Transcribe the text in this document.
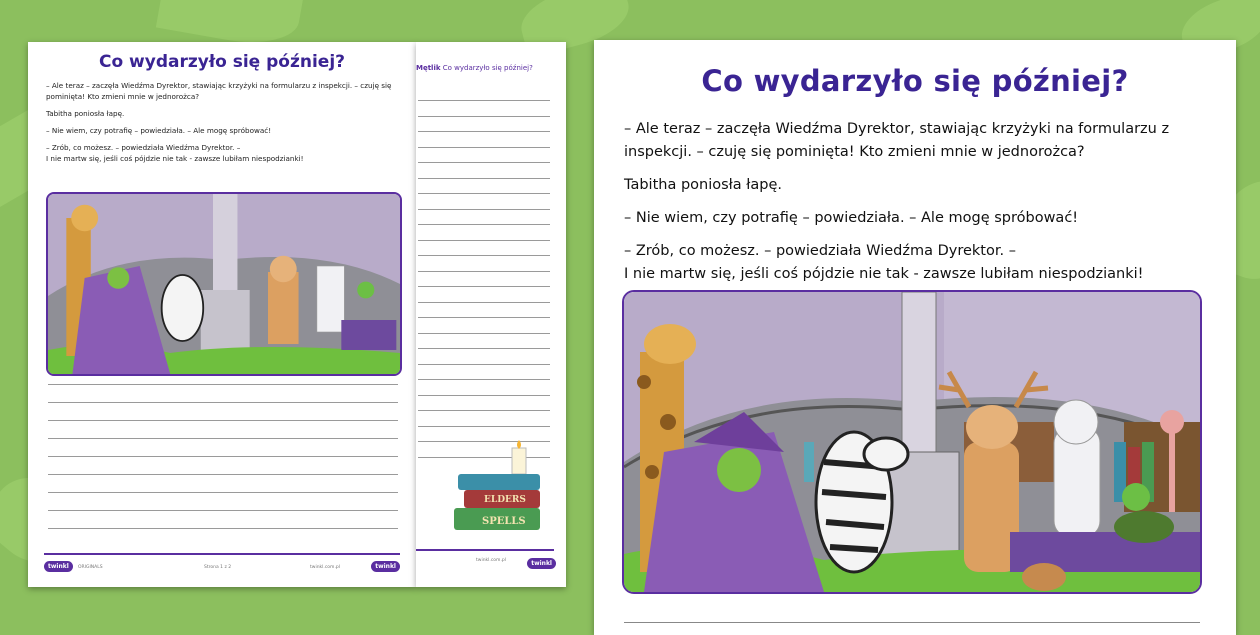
Co wydarzyło się później?
– Ale teraz – zaczęła Wiedźma Dyrektor, stawiając krzyżyki na formularzu z inspekcji. – czuję się pominięta! Kto zmieni mnie w jednorożca?
Tabitha poniosła łapę.
– Nie wiem, czy potrafię – powiedziała. – Ale mogę spróbować!
– Zrób, co możesz. – powiedziała Wiedźma Dyrektor. –
I nie martw się, jeśli coś pójdzie nie tak - zawsze lubiłam niespodzianki!
twinkl	ORIGINALS	Strona 1 z 2	twinkl.com.pl	twinkl
Mętlik Co wydarzyło się później?
ELDERS
SPELLS
twinkl.com.pl	twinkl
Co wydarzyło się później?
– Ale teraz – zaczęła Wiedźma Dyrektor, stawiając krzyżyki na formularzu z inspekcji. – czuję się pominięta! Kto zmieni mnie w jednorożca?
Tabitha poniosła łapę.
– Nie wiem, czy potrafię – powiedziała. – Ale mogę spróbować!
– Zrób, co możesz. – powiedziała Wiedźma Dyrektor. –
I nie martw się, jeśli coś pójdzie nie tak - zawsze lubiłam niespodzianki!
